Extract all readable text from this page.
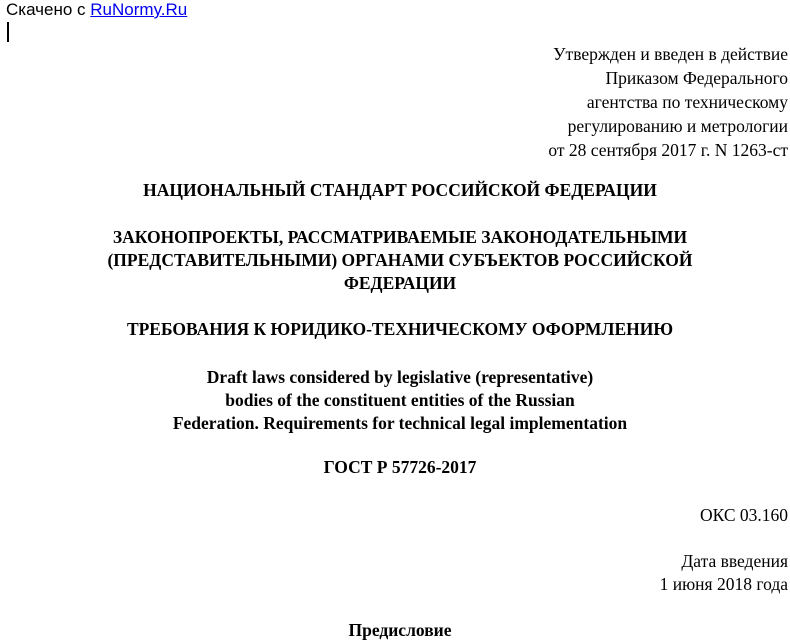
Скачено с RuNormy.Ru
Утвержден и введен в действие
Приказом Федерального
агентства по техническому
регулированию и метрологии
от 28 сентября 2017 г. N 1263-ст
НАЦИОНАЛЬНЫЙ СТАНДАРТ РОССИЙСКОЙ ФЕДЕРАЦИИ
ЗАКОНОПРОЕКТЫ, РАССМАТРИВАЕМЫЕ ЗАКОНОДАТЕЛЬНЫМИ
(ПРЕДСТАВИТЕЛЬНЫМИ) ОРГАНАМИ СУБЪЕКТОВ РОССИЙСКОЙ
ФЕДЕРАЦИИ
ТРЕБОВАНИЯ К ЮРИДИКО-ТЕХНИЧЕСКОМУ ОФОРМЛЕНИЮ
Draft laws considered by legislative (representative)
bodies of the constituent entities of the Russian
Federation. Requirements for technical legal implementation
ГОСТ Р 57726-2017
ОКС 03.160
Дата введения
1 июня 2018 года
Предисловие
